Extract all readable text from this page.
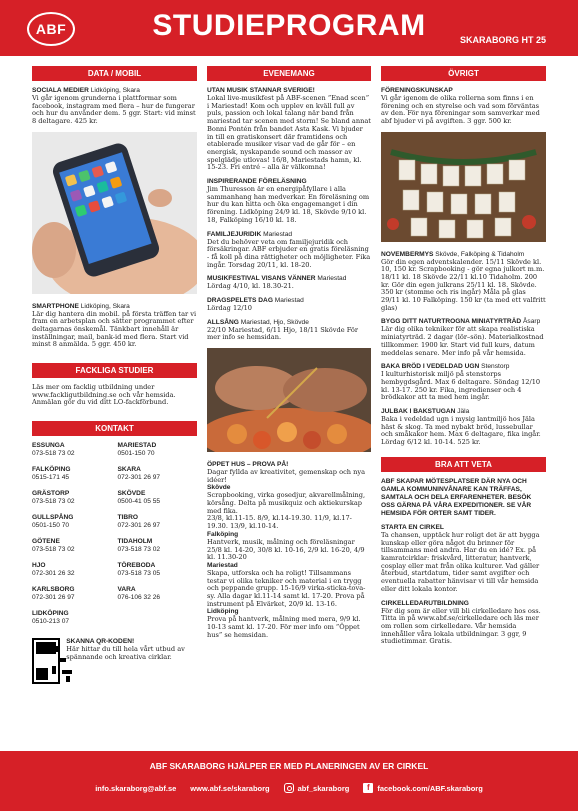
ABF	STUDIEPROGRAM	SKARABORG HT 25
DATA / MOBIL
SOCIALA MEDIER Lidköping, Skara

Vi går igenom grunderna i plattformar som facebook, instagram med flera – hur de fungerar och hur du använder dem. 5 ggr. Start: vid minst 8 deltagare. 425 kr.

SMARTPHONE Lidköping, Skara

Lär dig hantera din mobil. på första träffen tar vi fram en arbetsplan och sätter programmet efter deltagarnas önskemål. Tänkbart innehåll är inställningar, mail, bank-id med flera. Start vid minst 8 anmälda. 5 ggr. 450 kr.

FACKLIGA STUDIER

Läs mer om facklig utbildning under www.fackligutbildning.se och vår hemsida. Anmälan gör du vid ditt LO-fackförbund.

KONTAKT
ESSUNGA
073-518 73 02
MARIESTAD
0501-150 70
FALKÖPING
0515-171 45
SKARA
072-301 26 97
GRÄSTORP
073-518 73 02
SKÖVDE
0500-41 05 55
GULLSPÅNG
0501-150 70
TIBRO
072-301 26 97
GÖTENE
073-518 73 02
TIDAHOLM
073-518 73 02
HJO
072-301 26 32
TÖREBODA
073-518 73 05
KARLSBORG
072-301 26 97
VARA
076-106 32 26
LIDKÖPING
0510-213 07
SKANNA QR-KODEN!

Här hittar du till hela vårt utbud av spännande och kreativa cirklar.

EVENEMANG
UTAN MUSIK STANNAR SVERIGE!

Lokal live-musikfest på ABF-scenen ”Enad scen” i Mariestad! Kom och upplev en kväll full av puls, passion och lokal talang när band från mariestad tar scenen med storm! Se bland annat Bonni Pontén från bandet Asta Kask. Vi bjuder in till en gratiskonsert där framtidens och etablerade musiker visar vad de går för – en energisk, nyskapande sound och massor av spelglädje utlovas! 16/8, Mariestads hamn, kl. 15-23. Fri entré – alla är välkomna!

INSPIRERANDE FÖRELÄSNING

Jim Thuresson är en energipåfyllare i alla sammanhang han medverkar. En föreläsning om hur du kan hitta och öka engagemanget i din förening. Lidköping 24/9 kl. 18, Skövde 9/10 kl. 18, Falköping 16/10 kl. 18.

FAMILJEJURIDIK Mariestad

Det du behöver veta om familjejuridik och försäkringar. ABF erbjuder en gratis föreläsning - få koll på dina rättigheter och möjligheter. Fika ingår. Torsdag 20/11, kl. 18-20.

MUSIKFESTIVAL VISANS VÄNNER Mariestad

Lördag 4/10, kl. 18.30-21.

DRAGSPELETS DAG Mariestad

Lördag 12/10

ALLSÅNG Mariestad, Hjo, Skövde

22/10 Mariestad, 6/11 Hjo, 18/11 Skövde För mer info se hemsidan.

ÖPPET HUS – PROVA PÅ!

Dagar fyllda av kreativitet, gemenskap och nya idéer!

Skövde

Scrapbooking, virka gosedjur, akvarellmålning, körsång. Delta på musikquiz och aktiekurskap med fikа.

23/8, kl.11-15. 8/9, kl.14-19.30. 11/9, kl.17-19.30. 13/9, kl.10-14.

Falköping

Hantverk, musik, målning och föreläsningar 25/8 kl. 14-20, 30/8 kl. 10-16, 2/9 kl. 16-20, 4/9 kl. 11.30-20

Mariestad

Skapa, utforska och ha roligt! Tillsammans testar vi olika tekniker och material i en trygg och peppande grupp. 15-16/9 virka-sticka-tova-sy. Alla dagar kl.11-14 samt kl. 17-20. Prova på instrument på Elvärket, 20/9 kl. 13-16.

Lidköping

Prova på hantverk, målning med mera, 9/9 kl. 10-13 samt kl. 17-20. För mer info om ”Öppet hus” se hemsidan.

ÖVRIGT
FÖRENINGSKUNSKAP

Vi går igenom de olika rollerna som finns i en förening och en styrelse och vad som förväntas av den. För nya föreningar som samverkar med abf bjuder vi på avgiften. 3 ggr. 500 kr.

NOVEMBERMYS Skövde, Falköping & Tidaholm

Gör din egen adventskalender. 15/11 Skövde kl. 10, 150 kr. Scrapbooking - gör egna julkort m.m. 18/11 kl. 18 Skövde 22/11 kl.10 Tidaholm. 200 kr. Gör din egen julkrans 25/11 kl. 18. Skövde. 350 kr (stomme och ris ingår) Måla på glas 29/11 kl. 10 Falköping. 150 kr (ta med ett valfritt glas)

BYGG DITT NATURTROGNA MINIATYRTRÄD Åsarp

Lär dig olika tekniker för att skapa realistiska miniatyrträd. 2 dagar (lör–sön). Materialkostnad tillkommer. 1900 kr. Start vid full kurs, datum meddelas senare. Mer info på vår hemsida.

BAKA BRÖD I VEDELDAD UGN Stenstorp

I kulturhistorisk miljö på stenstorps hembygdsgård. Max 6 deltagare. Söndag 12/10 kl. 13-17. 250 kr. Fika, ingredienser och 4 brödkakor att ta med hem ingår.

JULBAK I BAKSTUGAN Jäla

Baka i vedeldad ugn i mysig lantmiljö hos Jäla häst & skog. Ta med nybakt bröd, lussebullar och småkakor hem. Max 6 deltagare, fika ingår. Lördag 6/12 kl. 10-14. 525 kr.

BRA ATT VETA
ABF SKAPAR MÖTESPLATSER DÄR NYA OCH GAMLA KOMMUNINVÅNARE KAN TRÄFFAS, SAMTALA OCH DELA ERFARENHETER. BESÖK OSS GÄRNA PÅ VÅRA EXPEDITIONER. SE VÅR HEMSIDA FÖR ORTER SAMT TIDER.
STARTA EN CIRKEL

Ta chansen, upptäck hur roligt det är att bygga kunskap eller göra något du brinner för tillsammans med andra. Har du en idé? Ex. på kamratcirklar: friskvård, litteratur, hantverk, cosplay eller mat från olika kulturer. Vad gäller återbud, startdatum, tider samt avgifter och eventuella rabatter hänvisar vi till vår hemsida eller ditt lokala kontor.

CIRKELLEDARUTBILDNING

För dig som är eller vill bli cirkelledare hos oss. Titta in på www.abf.se/cirkelledare och läs mer om rollen som cirkelledare. Vår hemsida innehåller våra lokala utbildningar. 3 ggr, 9 studietimmar. Gratis.

ABF SKARABORG HJÄLPER ER MED PLANERINGEN AV ER CIRKEL
info.skaraborg@abf.se www.abf.se/skaraborg	abf_skaraborg	f	facebook.com/ABF.skaraborg
